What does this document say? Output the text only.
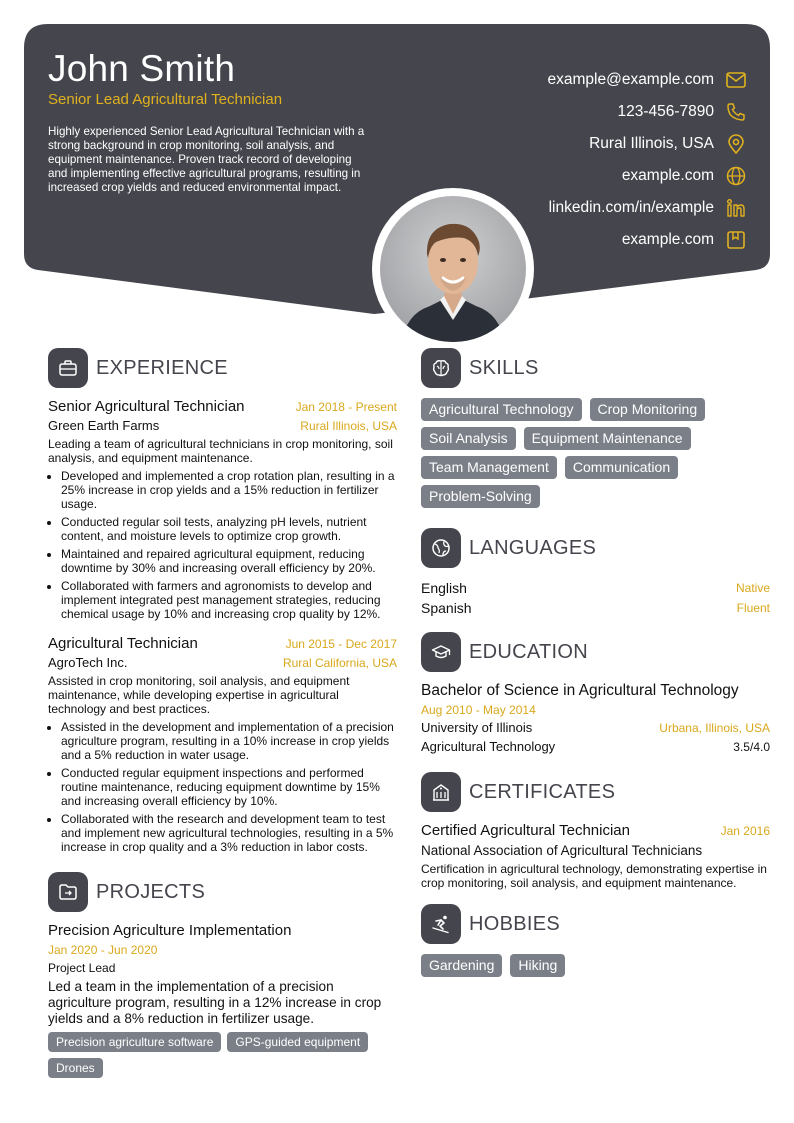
John Smith
Senior Lead Agricultural Technician
Highly experienced Senior Lead Agricultural Technician with a strong background in crop monitoring, soil analysis, and equipment maintenance. Proven track record of developing and implementing effective agricultural programs, resulting in increased crop yields and reduced environmental impact.
example@example.com
123-456-7890
Rural Illinois, USA
example.com
linkedin.com/in/example
example.com
EXPERIENCE
Senior Agricultural Technician	Jan 2018 - Present
Green Earth Farms	Rural Illinois, USA
Leading a team of agricultural technicians in crop monitoring, soil analysis, and equipment maintenance.
• Developed and implemented a crop rotation plan, resulting in a 25% increase in crop yields and a 15% reduction in fertilizer usage.
• Conducted regular soil tests, analyzing pH levels, nutrient content, and moisture levels to optimize crop growth.
• Maintained and repaired agricultural equipment, reducing downtime by 30% and increasing overall efficiency by 20%.
• Collaborated with farmers and agronomists to develop and implement integrated pest management strategies, reducing chemical usage by 10% and increasing crop quality by 12%.
Agricultural Technician	Jun 2015 - Dec 2017
AgroTech Inc.	Rural California, USA
Assisted in crop monitoring, soil analysis, and equipment maintenance, while developing expertise in agricultural technology and best practices.
• Assisted in the development and implementation of a precision agriculture program, resulting in a 10% increase in crop yields and a 5% reduction in water usage.
• Conducted regular equipment inspections and performed routine maintenance, reducing equipment downtime by 15% and increasing overall efficiency by 10%.
• Collaborated with the research and development team to test and implement new agricultural technologies, resulting in a 5% increase in crop quality and a 3% reduction in labor costs.
PROJECTS
Precision Agriculture Implementation
Jan 2020 - Jun 2020
Project Lead
Led a team in the implementation of a precision agriculture program, resulting in a 12% increase in crop yields and a 8% reduction in fertilizer usage.
Precision agriculture software	GPS-guided equipment
Drones
SKILLS
Agricultural Technology	Crop Monitoring
Soil Analysis	Equipment Maintenance
Team Management	Communication
Problem-Solving
LANGUAGES
English	Native
Spanish	Fluent
EDUCATION
Bachelor of Science in Agricultural Technology
Aug 2010 - May 2014
University of Illinois	Urbana, Illinois, USA
Agricultural Technology	3.5/4.0
CERTIFICATES
Certified Agricultural Technician	Jan 2016
National Association of Agricultural Technicians
Certification in agricultural technology, demonstrating expertise in crop monitoring, soil analysis, and equipment maintenance.
HOBBIES
Gardening	Hiking
